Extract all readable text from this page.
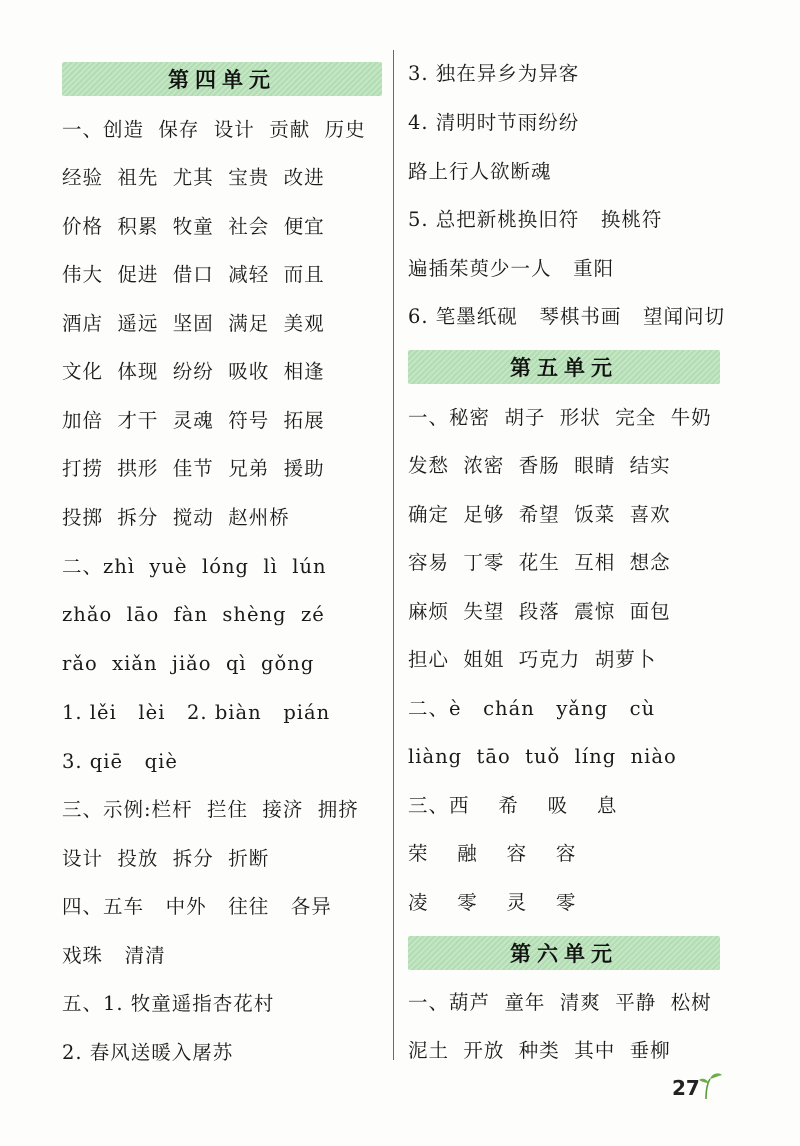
第四单元
一、创造  保存  设计  贡献  历史
经验  祖先  尤其  宝贵  改进
价格  积累  牧童  社会  便宜
伟大  促进  借口  减轻  而且
酒店  遥远  坚固  满足  美观
文化  体现  纷纷  吸收  相逢
加倍  才干  灵魂  符号  拓展
打捞  拱形  佳节  兄弟  援助
投掷  拆分  搅动  赵州桥
二、zhì  yuè  lóng  lì  lún
zhǎo  lāo  fàn  shèng  zé
rǎo  xiǎn  jiǎo  qì  gǒng
1. lěi   lèi   2. biàn   pián
3. qiē   qiè
三、示例:栏杆  拦住  接济  拥挤
设计  投放  拆分  折断
四、五车   中外   往往   各异
戏珠   清清
五、1. 牧童遥指杏花村
2. 春风送暖入屠苏
3. 独在异乡为异客
4. 清明时节雨纷纷
路上行人欲断魂
5. 总把新桃换旧符   换桃符
遍插茱萸少一人   重阳
6. 笔墨纸砚   琴棋书画   望闻问切
第五单元
一、秘密  胡子  形状  完全  牛奶
发愁  浓密  香肠  眼睛  结实
确定  足够  希望  饭菜  喜欢
容易  丁零  花生  互相  想念
麻烦  失望  段落  震惊  面包
担心  姐姐  巧克力  胡萝卜
二、è   chán   yǎng   cù
liàng  tāo  tuǒ  líng  niào
三、西    希    吸    息
荣    融    容    容
凌    零    灵    零
第六单元
一、葫芦  童年  清爽  平静  松树
泥土  开放  种类  其中  垂柳
27
